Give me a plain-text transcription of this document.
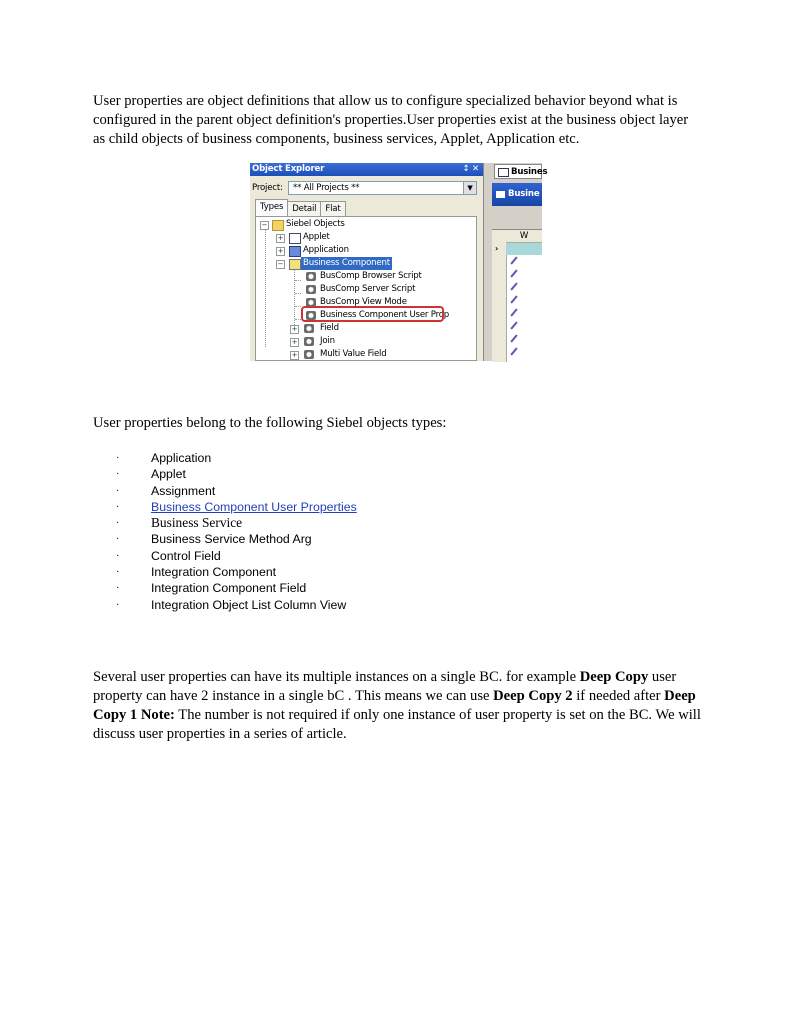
User properties are object definitions that allow us to configure specialized behavior beyond what is configured in the parent object definition's properties.User properties exist at the business object layer as child objects of business components, business services, Applet, Application etc.

Object Explorer	↕ ✕
Project:	** All Projects **	▼
Types Detail Flat
− Siebel Objects
+ Applet
+ Application
− Business Component
BusComp Browser Script
BusComp Server Script
BusComp View Mode
Business Component User Prop
+	Field
+	Join
+	Multi Value Field
Busines
Busine
W
›

User properties belong to the following Siebel objects types:

·	Application
·	Applet
·	Assignment
·	Business Component User Properties
· Business Service
·	Business Service Method Arg
·	Control Field
·	Integration Component
·	Integration Component Field
·	Integration Object List Column View

Several user properties can have its multiple instances on a single BC. for example Deep Copy user property can have 2 instance in a single bC . This means we can use Deep Copy 2 if needed after Deep Copy 1 Note: The number is not required if only one instance of user property is set on the BC. We will discuss user properties in a series of article.
